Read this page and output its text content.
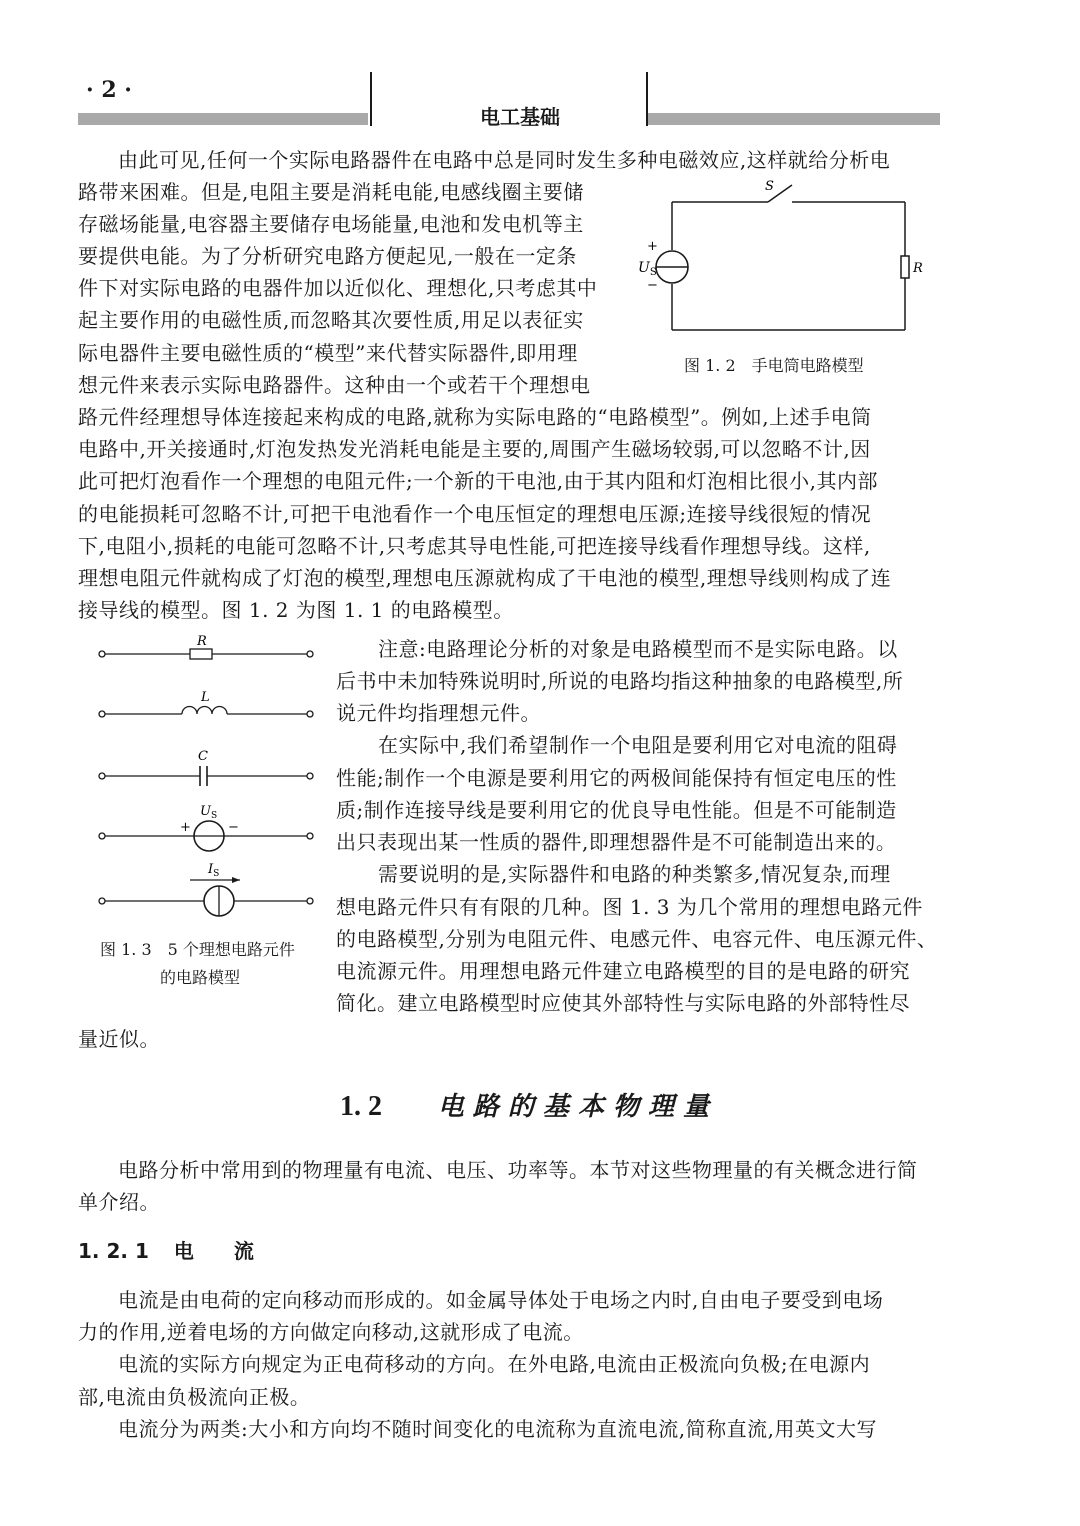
· 2 ·
电工基础
由此可见,任何一个实际电路器件在电路中总是同时发生多种电磁效应,这样就给分析电
路带来困难。但是,电阻主要是消耗电能,电感线圈主要储
存磁场能量,电容器主要储存电场能量,电池和发电机等主
要提供电能。为了分析研究电路方便起见,一般在一定条
件下对实际电路的电器件加以近似化、理想化,只考虑其中
起主要作用的电磁性质,而忽略其次要性质,用足以表征实
际电器件主要电磁性质的“模型”来代替实际器件,即用理
想元件来表示实际电路器件。这种由一个或若干个理想电
路元件经理想导体连接起来构成的电路,就称为实际电路的“电路模型”。例如,上述手电筒
电路中,开关接通时,灯泡发热发光消耗电能是主要的,周围产生磁场较弱,可以忽略不计,因
此可把灯泡看作一个理想的电阻元件;一个新的干电池,由于其内阻和灯泡相比很小,其内部
的电能损耗可忽略不计,可把干电池看作一个电压恒定的理想电压源;连接导线很短的情况
下,电阻小,损耗的电能可忽略不计,只考虑其导电性能,可把连接导线看作理想导线。这样,
理想电阻元件就构成了灯泡的模型,理想电压源就构成了干电池的模型,理想导线则构成了连
接导线的模型。图 1. 2 为图 1. 1 的电路模型。
S
+
−
$U_S$	R
图 1. 2　手电筒电路模型
R
L
C
+	−
$U_S$
$I_S$
图 1. 3　5 个理想电路元件
的电路模型
注意:电路理论分析的对象是电路模型而不是实际电路。以
后书中未加特殊说明时,所说的电路均指这种抽象的电路模型,所
说元件均指理想元件。
在实际中,我们希望制作一个电阻是要利用它对电流的阻碍
性能;制作一个电源是要利用它的两极间能保持有恒定电压的性
质;制作连接导线是要利用它的优良导电性能。但是不可能制造
出只表现出某一性质的器件,即理想器件是不可能制造出来的。
需要说明的是,实际器件和电路的种类繁多,情况复杂,而理
想电路元件只有有限的几种。图 1. 3 为几个常用的理想电路元件
的电路模型,分别为电阻元件、电感元件、电容元件、电压源元件、
电流源元件。用理想电路元件建立电路模型的目的是电路的研究
简化。建立电路模型时应使其外部特性与实际电路的外部特性尽
量近似。
1. 2 电 路 的 基 本 物 理 量
电路分析中常用到的物理量有电流、电压、功率等。本节对这些物理量的有关概念进行简
单介绍。
1. 2. 1 电　　流
电流是由电荷的定向移动而形成的。如金属导体处于电场之内时,自由电子要受到电场
力的作用,逆着电场的方向做定向移动,这就形成了电流。
电流的实际方向规定为正电荷移动的方向。在外电路,电流由正极流向负极;在电源内
部,电流由负极流向正极。
电流分为两类:大小和方向均不随时间变化的电流称为直流电流,简称直流,用英文大写
